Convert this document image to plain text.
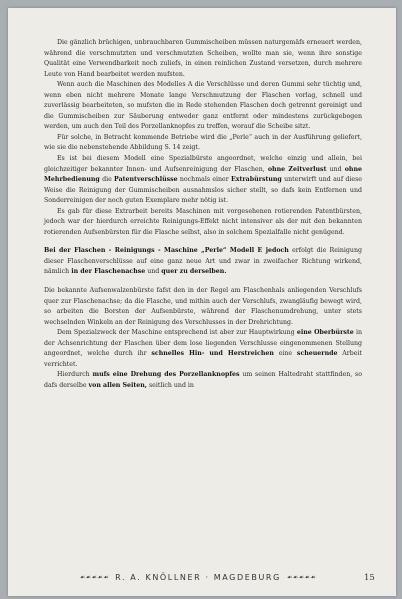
Die gänzlich brüchigen, unbrauchbaren Gummischeiben müssen naturgemäfs erneuert werden, während die verschmutzten und verschmutzten Scheiben, wollte man sie, wenn ihre sonstige Qualität eine Verwendbarkeit noch zuliefs, in einen reinlichen Zustand versetzen, durch mehrere Leute von Hand bearbeitet werden mufsten.

Wenn auch die Maschinen des Modelles A die Verschlüsse und deren Gummi sehr tüchtig und, wenn eben nicht mehrere Monate lange Verschmutzung der Flaschen vorlag, schnell und zuverlässig bearbeiteten, so mufsten die in Rede stehenden Flaschen doch getrennt gereinigt und die Gummischeiben zur Säuberung entweder ganz entfernt oder mindestens zurückgebogen werden, um auch den Teil des Porzellanknopfes zu treffen, worauf die Scheibe sitzt.

Für solche, in Betracht kommende Betriebe wird die „Perle“ auch in der Ausführung geliefert, wie sie die nebenstehende Abbildung S. 14 zeigt.

Es ist bei diesem Modell eine Spezialbürste angeordnet, welche einzig und allein, bei gleichzeitiger bekannter Innen- und Aufsenreinigung der Flaschen, ohne Zeitverlust und ohne Mehrbedienung die Patentverschlüsse nochmals einer Extrabürstung unterwirft und auf diese Weise die Reinigung der Gummischeiben ausnahmslos sicher stellt, so dafs kein Entfernen und Sonderreinigen der noch guten Exemplare mehr nötig ist.

Es gab für diese Extrarbeit bereits Maschinen mit vorgesehenen rotierenden Patentbürsten, jedoch war der hierdurch erreichte Reinigungs-Effekt nicht intensiver als der mit den bekannten rotierenden Aufsenbürsten für die Flasche selbst, also in solchem Spezialfalle nicht genügend.

Bei der Flaschen - Reinigungs - Maschine „Perle“ Modell E jedoch erfolgt die Reinigung dieser Flaschenverschlüsse auf eine ganz neue Art und zwar in zweifacher Richtung wirkend, nämlich in der Flaschenachse und quer zu derselben.

Die bekannte Aufsenwalzenbürste fafst den in der Regel am Flaschenhals anliegenden Verschlufs quer zur Flaschenachse; da die Flasche, und mithin auch der Verschlufs, zwangläufig bewegt wird, so arbeiten die Borsten der Aufsenbürste, während der Flaschenumdrehung, unter stets wechselnden Winkeln an der Reinigung des Verschlusses in der Drehrichtung.

Dem Spezialzweck der Maschine entsprechend ist aber zur Hauptwirkung eine Oberbürste in der Achsenrichtung der Flaschen über dem lose liegenden Verschlusse eingenommenen Stellung angeordnet, welche durch ihr schnelles Hin- und Herstreichen eine scheuernde Arbeit verrichtet.

Hierdurch mufs eine Drehung des Porzellanknopfes um seinen Haltedraht stattfinden, so dafs derselbe von allen Seiten, seitlich und in

☙☙☙☙☙ R. A. KNÖLLNER · MAGDEBURG ☙☙☙☙☙	15
